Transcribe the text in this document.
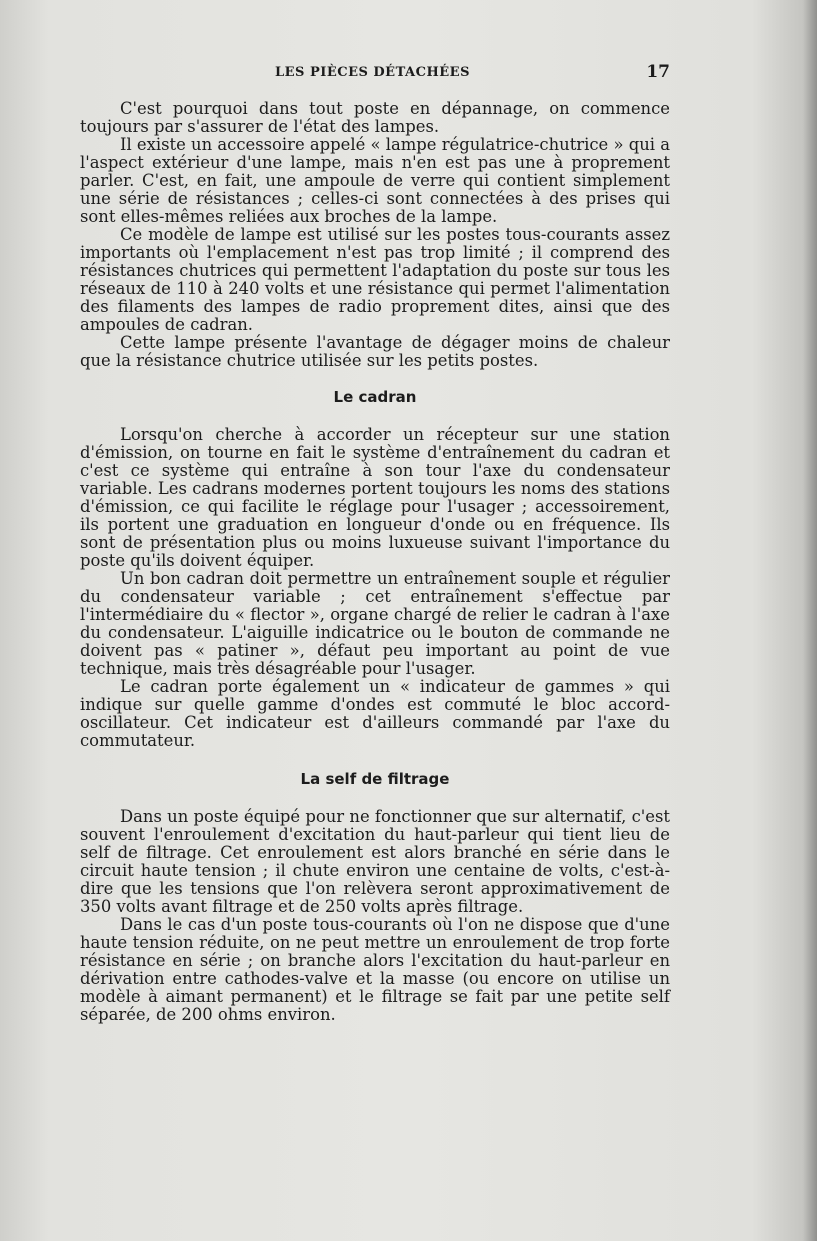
LES PIÈCES DÉTACHÉES	17

C'est pourquoi dans tout poste en dépannage, on commence toujours par s'assurer de l'état des lampes.

Il existe un accessoire appelé « lampe régulatrice-chutrice » qui a l'aspect extérieur d'une lampe, mais n'en est pas une à proprement parler. C'est, en fait, une ampoule de verre qui contient simplement une série de résistances ; celles-ci sont connectées à des prises qui sont elles-mêmes reliées aux broches de la lampe.

Ce modèle de lampe est utilisé sur les postes tous-courants assez importants où l'emplacement n'est pas trop limité ; il comprend des résistances chutrices qui permettent l'adaptation du poste sur tous les réseaux de 110 à 240 volts et une résistance qui permet l'alimentation des filaments des lampes de radio proprement dites, ainsi que des ampoules de cadran.

Cette lampe présente l'avantage de dégager moins de chaleur que la résistance chutrice utilisée sur les petits postes.

Le cadran

Lorsqu'on cherche à accorder un récepteur sur une station d'émission, on tourne en fait le système d'entraînement du cadran et c'est ce système qui entraîne à son tour l'axe du condensateur variable. Les cadrans modernes portent toujours les noms des stations d'émission, ce qui facilite le réglage pour l'usager ; accessoirement, ils portent une graduation en longueur d'onde ou en fréquence. Ils sont de présentation plus ou moins luxueuse suivant l'importance du poste qu'ils doivent équiper.

Un bon cadran doit permettre un entraînement souple et régulier du condensateur variable ; cet entraînement s'effectue par l'intermédiaire du « flector », organe chargé de relier le cadran à l'axe du condensateur. L'aiguille indicatrice ou le bouton de commande ne doivent pas « patiner », défaut peu important au point de vue technique, mais très désagréable pour l'usager.

Le cadran porte également un « indicateur de gammes » qui indique sur quelle gamme d'ondes est commuté le bloc accord-oscillateur. Cet indicateur est d'ailleurs commandé par l'axe du commutateur.

La self de filtrage

Dans un poste équipé pour ne fonctionner que sur alternatif, c'est souvent l'enroulement d'excitation du haut-parleur qui tient lieu de self de filtrage. Cet enroulement est alors branché en série dans le circuit haute tension ; il chute environ une centaine de volts, c'est-à-dire que les tensions que l'on relèvera seront approximativement de 350 volts avant filtrage et de 250 volts après filtrage.

Dans le cas d'un poste tous-courants où l'on ne dispose que d'une haute tension réduite, on ne peut mettre un enroulement de trop forte résistance en série ; on branche alors l'excitation du haut-parleur en dérivation entre cathodes-valve et la masse (ou encore on utilise un modèle à aimant permanent) et le filtrage se fait par une petite self séparée, de 200 ohms environ.
